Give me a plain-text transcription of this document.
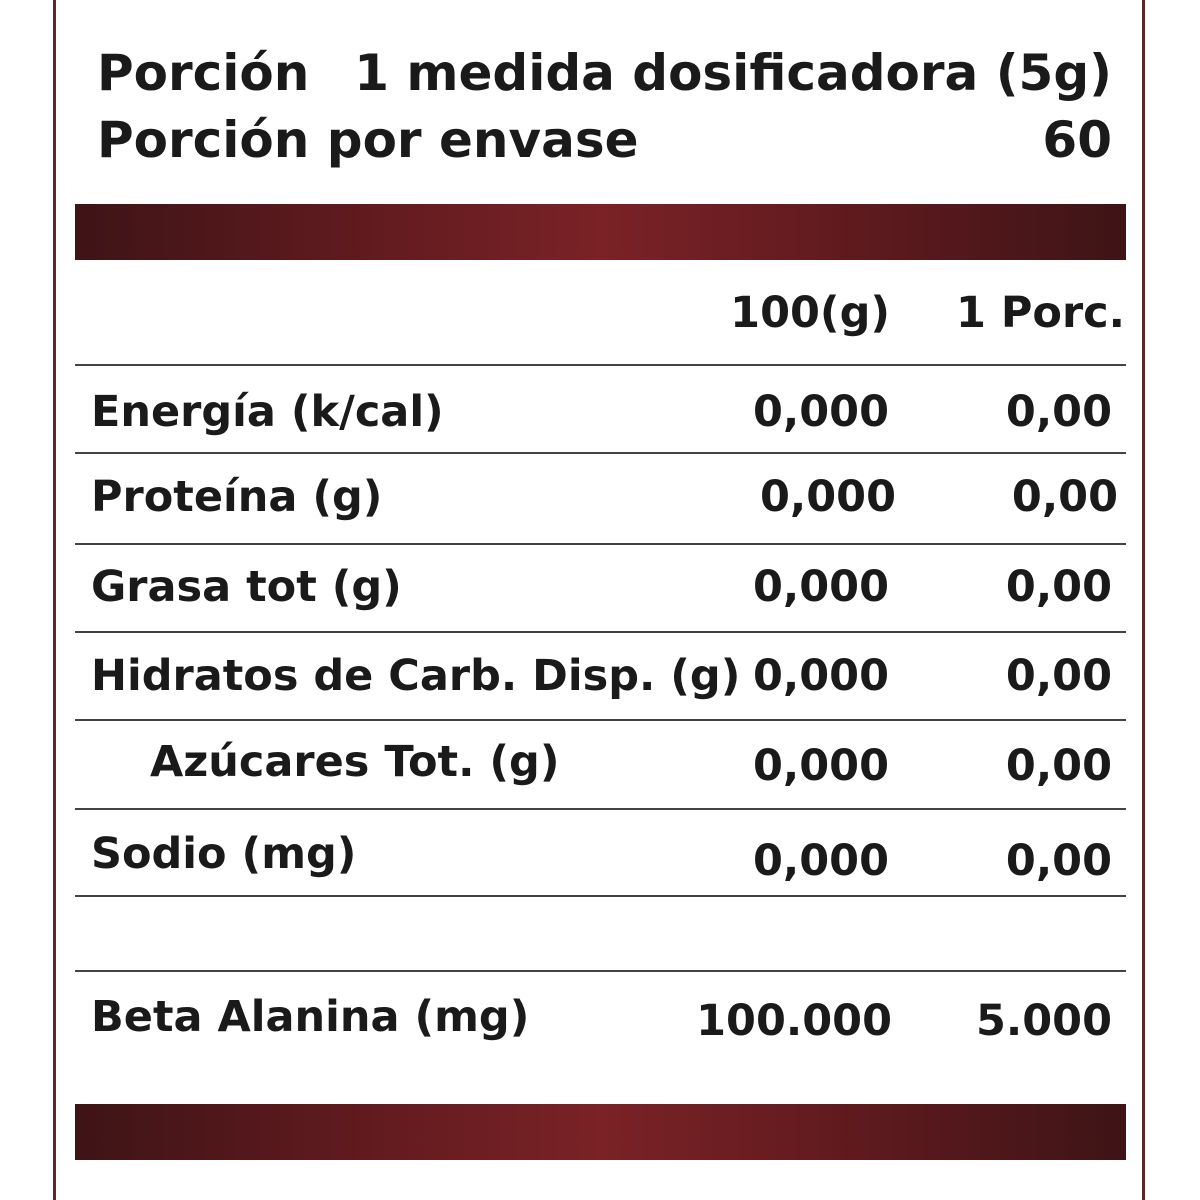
Porción 1 medida dosificadora (5g)
Porción por envase	60
100(g) 1 Porc.
Energía (k/cal)	0,000	0,00
Proteína (g)	0,000	0,00
Grasa tot (g)	0,000	0,00
Hidratos de Carb. Disp. (g) 0,000	0,00
Azúcares Tot. (g)	0,000	0,00
Sodio (mg)	0,000	0,00
Beta Alanina (mg)	100.000 5.000
